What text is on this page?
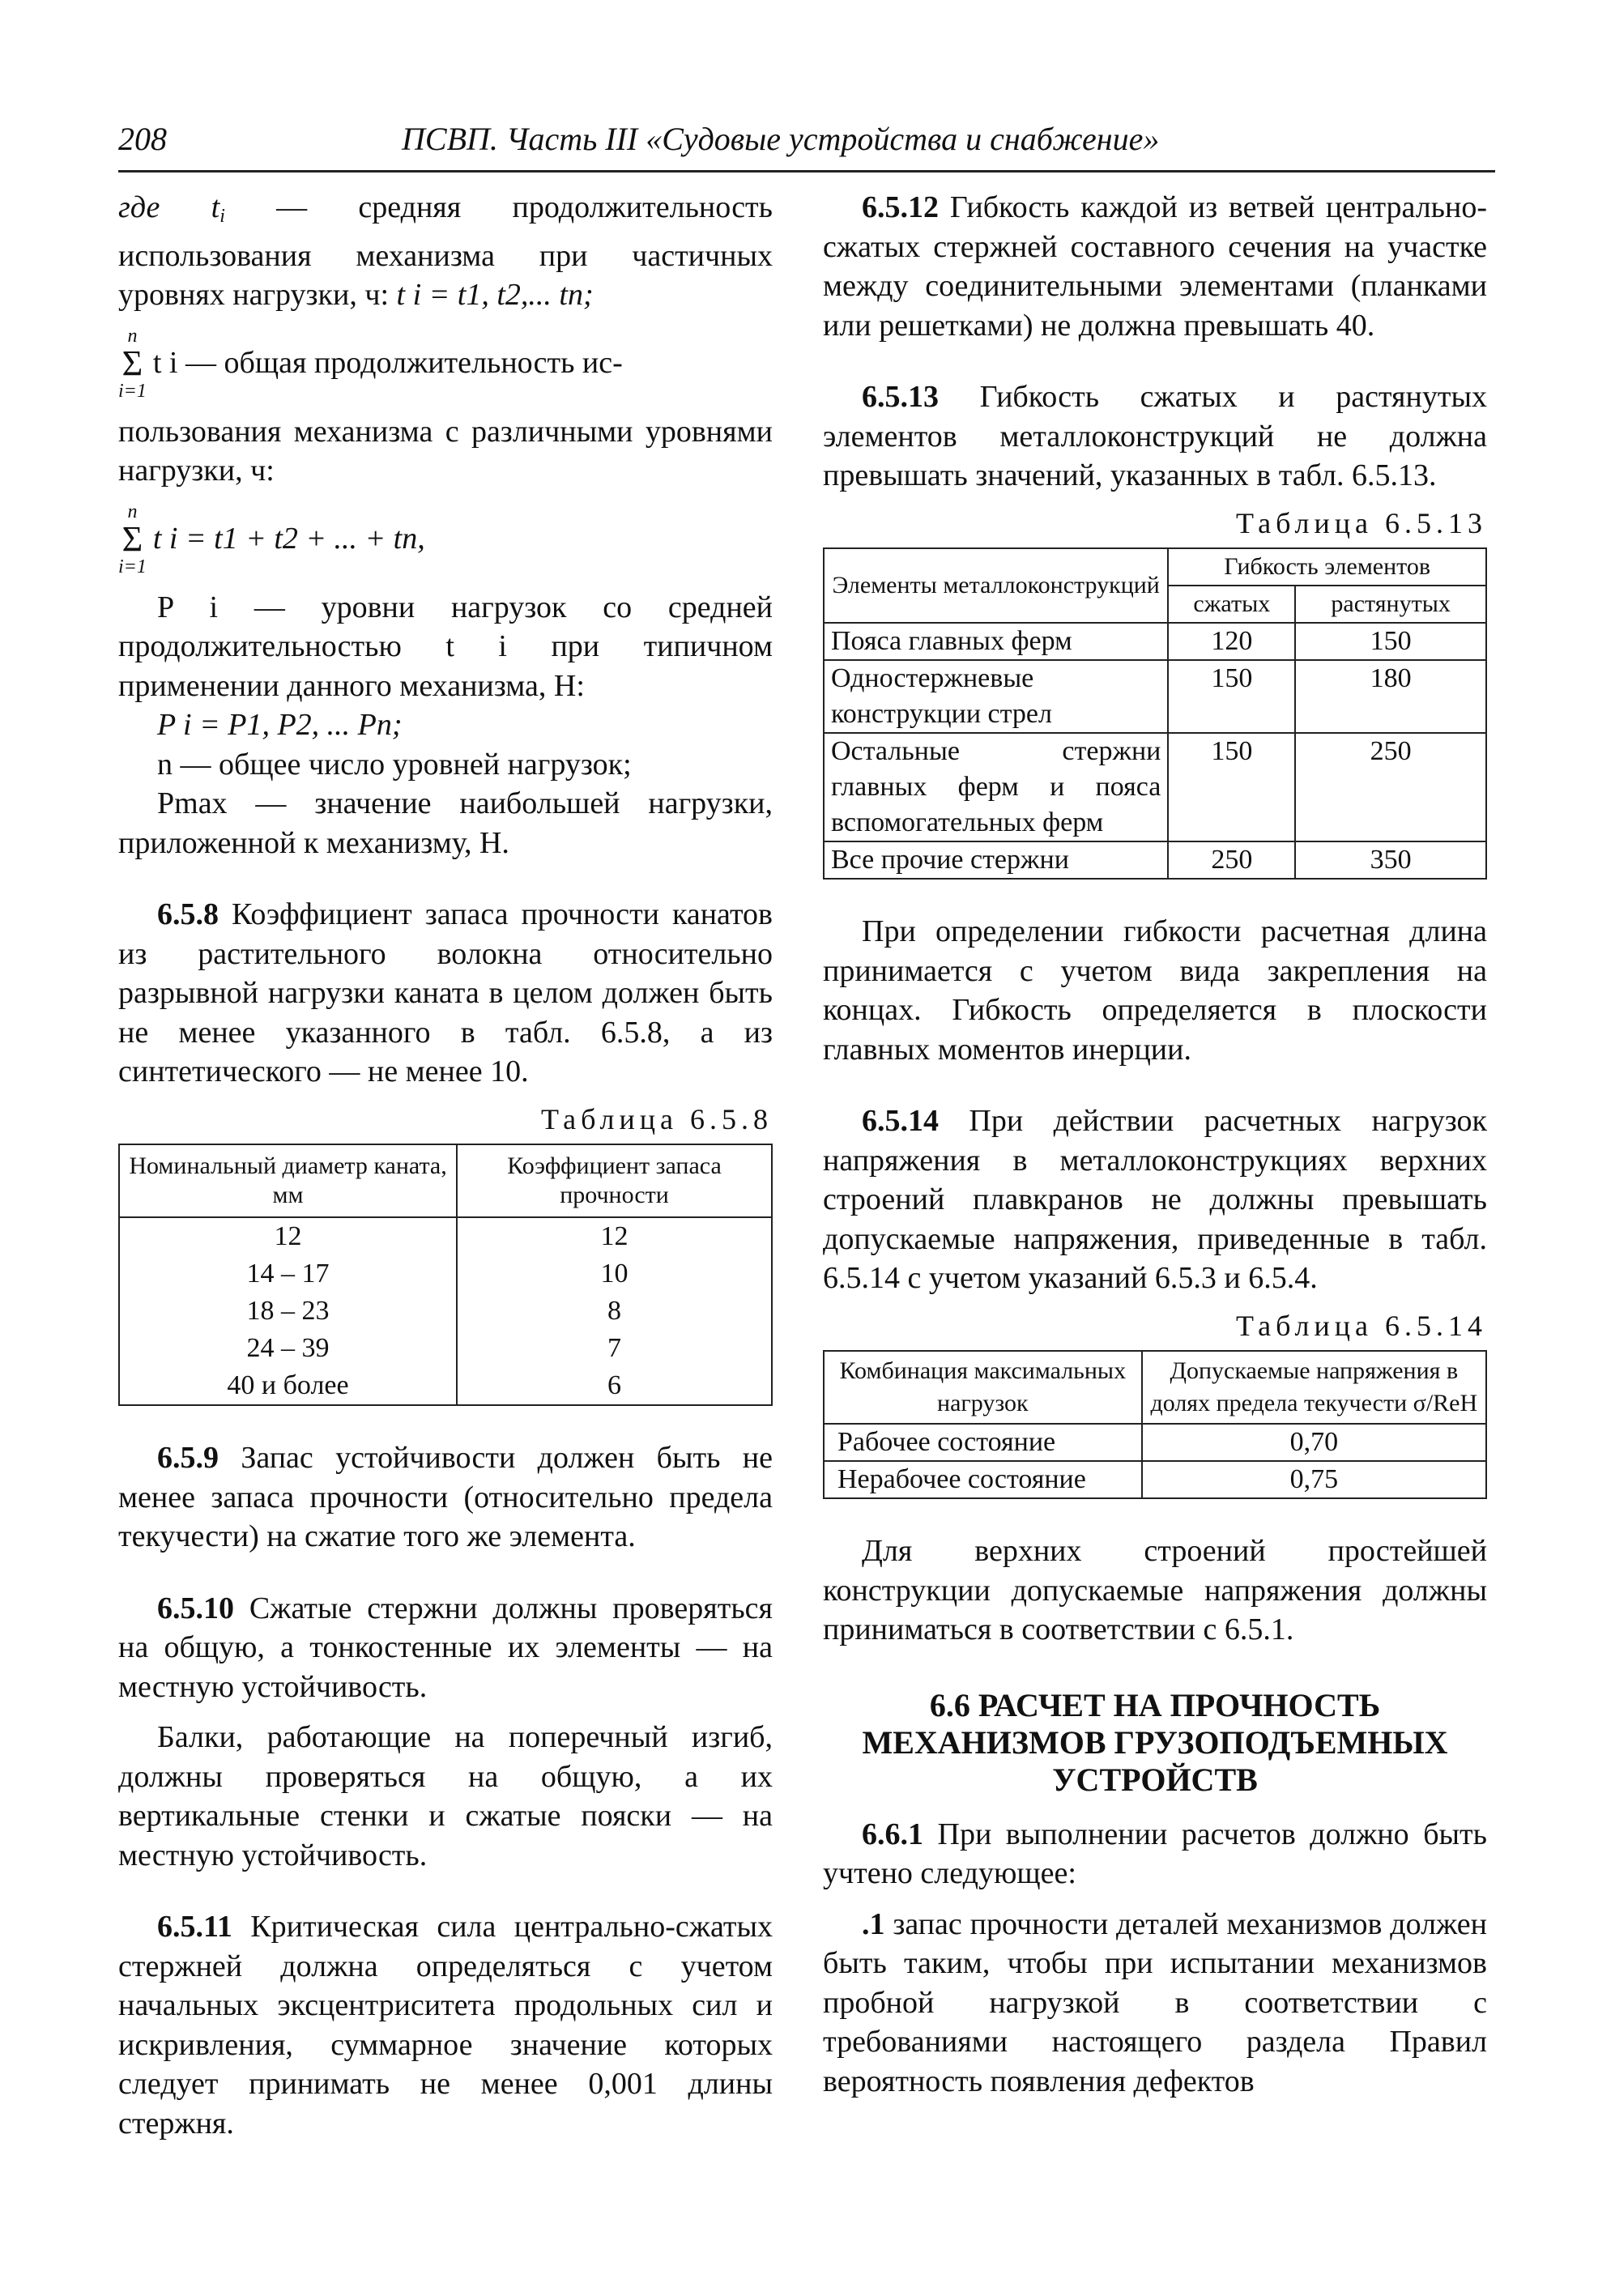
208	ПСВП. Часть III «Судовые устройства и снабжение»

где $t_i$ — средняя продолжительность использования механизма при частичных уровнях нагрузки, ч: t i = t1, t2,... tn;

n
Σ
i=1
t i — общая продолжительность ис-

пользования механизма с различными уровнями нагрузки, ч:

n
Σ
i=1
t i = t1 + t2 + ... + tn,

P i — уровни нагрузок со средней продолжительностью t i при типичном применении данного механизма, Н:

P i = P1, P2, ... Pn;

n — общее число уровней нагрузок;

Pmax — значение наибольшей нагрузки, приложенной к механизму, Н.

6.5.8 Коэффициент запаса прочности канатов из растительного волокна относительно разрывной нагрузки каната в целом должен быть не менее указанного в табл. 6.5.8, а из синтетического — не менее 10.

Таблица 6.5.8
Номинальный диаметр каната, мм	Коэффициент запаса прочности
12	12
14 – 17	10
18 – 23	8
24 – 39	7
40 и более	6

6.5.9 Запас устойчивости должен быть не менее запаса прочности (относительно предела текучести) на сжатие того же элемента.

6.5.10 Сжатые стержни должны проверяться на общую, а тонкостенные их элементы — на местную устойчивость.

Балки, работающие на поперечный изгиб, должны проверяться на общую, а их вертикальные стенки и сжатые пояски — на местную устойчивость.

6.5.11 Критическая сила центрально-сжатых стержней должна определяться с учетом начальных эксцентриситета продольных сил и искривления, суммарное значение которых следует принимать не менее 0,001 длины стержня.

6.5.12 Гибкость каждой из ветвей центрально-сжатых стержней составного сечения на участке между соединительными элементами (планками или решетками) не должна превышать 40.

6.5.13 Гибкость сжатых и растянутых элементов металлоконструкций не должна превышать значений, указанных в табл. 6.5.13.

Таблица 6.5.13
Элементы металлоконструкций	Гибкость элементов	
	сжатых	растянутых
Пояса главных ферм	120	150
Одностержневые конструкции стрел	150	180
Остальные стержни главных ферм и пояса вспомогательных ферм	150	250
Все прочие стержни	250	350

При определении гибкости расчетная длина принимается с учетом вида закрепления на концах. Гибкость определяется в плоскости главных моментов инерции.

6.5.14 При действии расчетных нагрузок напряжения в металлоконструкциях верхних строений плавкранов не должны превышать допускаемые напряжения, приведенные в табл. 6.5.14 с учетом указаний 6.5.3 и 6.5.4.

Таблица 6.5.14
Комбинация максимальных нагрузок	Допускаемые напряжения в долях предела текучести σ/ReH
Рабочее состояние	0,70
Нерабочее состояние	0,75

Для верхних строений простейшей конструкции допускаемые напряжения должны приниматься в соответствии с 6.5.1.

6.6 РАСЧЕТ НА ПРОЧНОСТЬ МЕХАНИЗМОВ ГРУЗОПОДЪЕМНЫХ УСТРОЙСТВ

6.6.1 При выполнении расчетов должно быть учтено следующее:

.1 запас прочности деталей механизмов должен быть таким, чтобы при испытании механизмов пробной нагрузкой в соответствии с требованиями настоящего раздела Правил вероятность появления дефектов
